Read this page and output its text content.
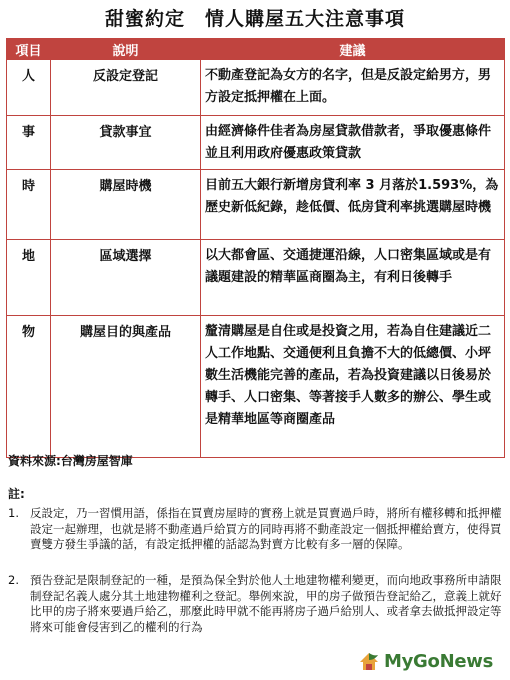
甜蜜約定　情人購屋五大注意事項
項目	說明	建議
人	反設定登記	不動產登記為女方的名字，但是反設定給男方，男方設定抵押權在上面。
事	貸款事宜	由經濟條件佳者為房屋貸款借款者，爭取優惠條件並且利用政府優惠政策貸款
時	購屋時機	目前五大銀行新增房貸利率 3 月落於1.593%，為歷史新低紀錄，趁低價、低房貸利率挑選購屋時機
地	區域選擇	以大都會區、交通捷運沿線，人口密集區域或是有議題建設的精華區商圈為主，有利日後轉手
物	購屋目的與產品	釐清購屋是自住或是投資之用，若為自住建議近二人工作地點、交通便利且負擔不大的低總價、小坪數生活機能完善的產品，若為投資建議以日後易於轉手、人口密集、等著接手人數多的辦公、學生或是精華地區等商圈產品
資料來源:台灣房屋智庫
註:
1. 反設定，乃一習慣用語，係指在買賣房屋時的實務上就是買賣過戶時，將所有權移轉和抵押權設定一起辦理，也就是將不動產過戶給買方的同時再將不動產設定一個抵押權給賣方，使得買賣雙方發生爭議的話，有設定抵押權的話認為對賣方比較有多一層的保障。
2. 預告登記是限制登記的一種，是預為保全對於他人土地建物權利變更，而向地政事務所申請限制登記名義人處分其土地建物權利之登記。舉例來說，甲的房子做預告登記給乙，意義上就好比甲的房子將來要過戶給乙，那麼此時甲就不能再將房子過戶給別人、或者拿去做抵押設定等將來可能會侵害到乙的權利的行為
MyGoNews
